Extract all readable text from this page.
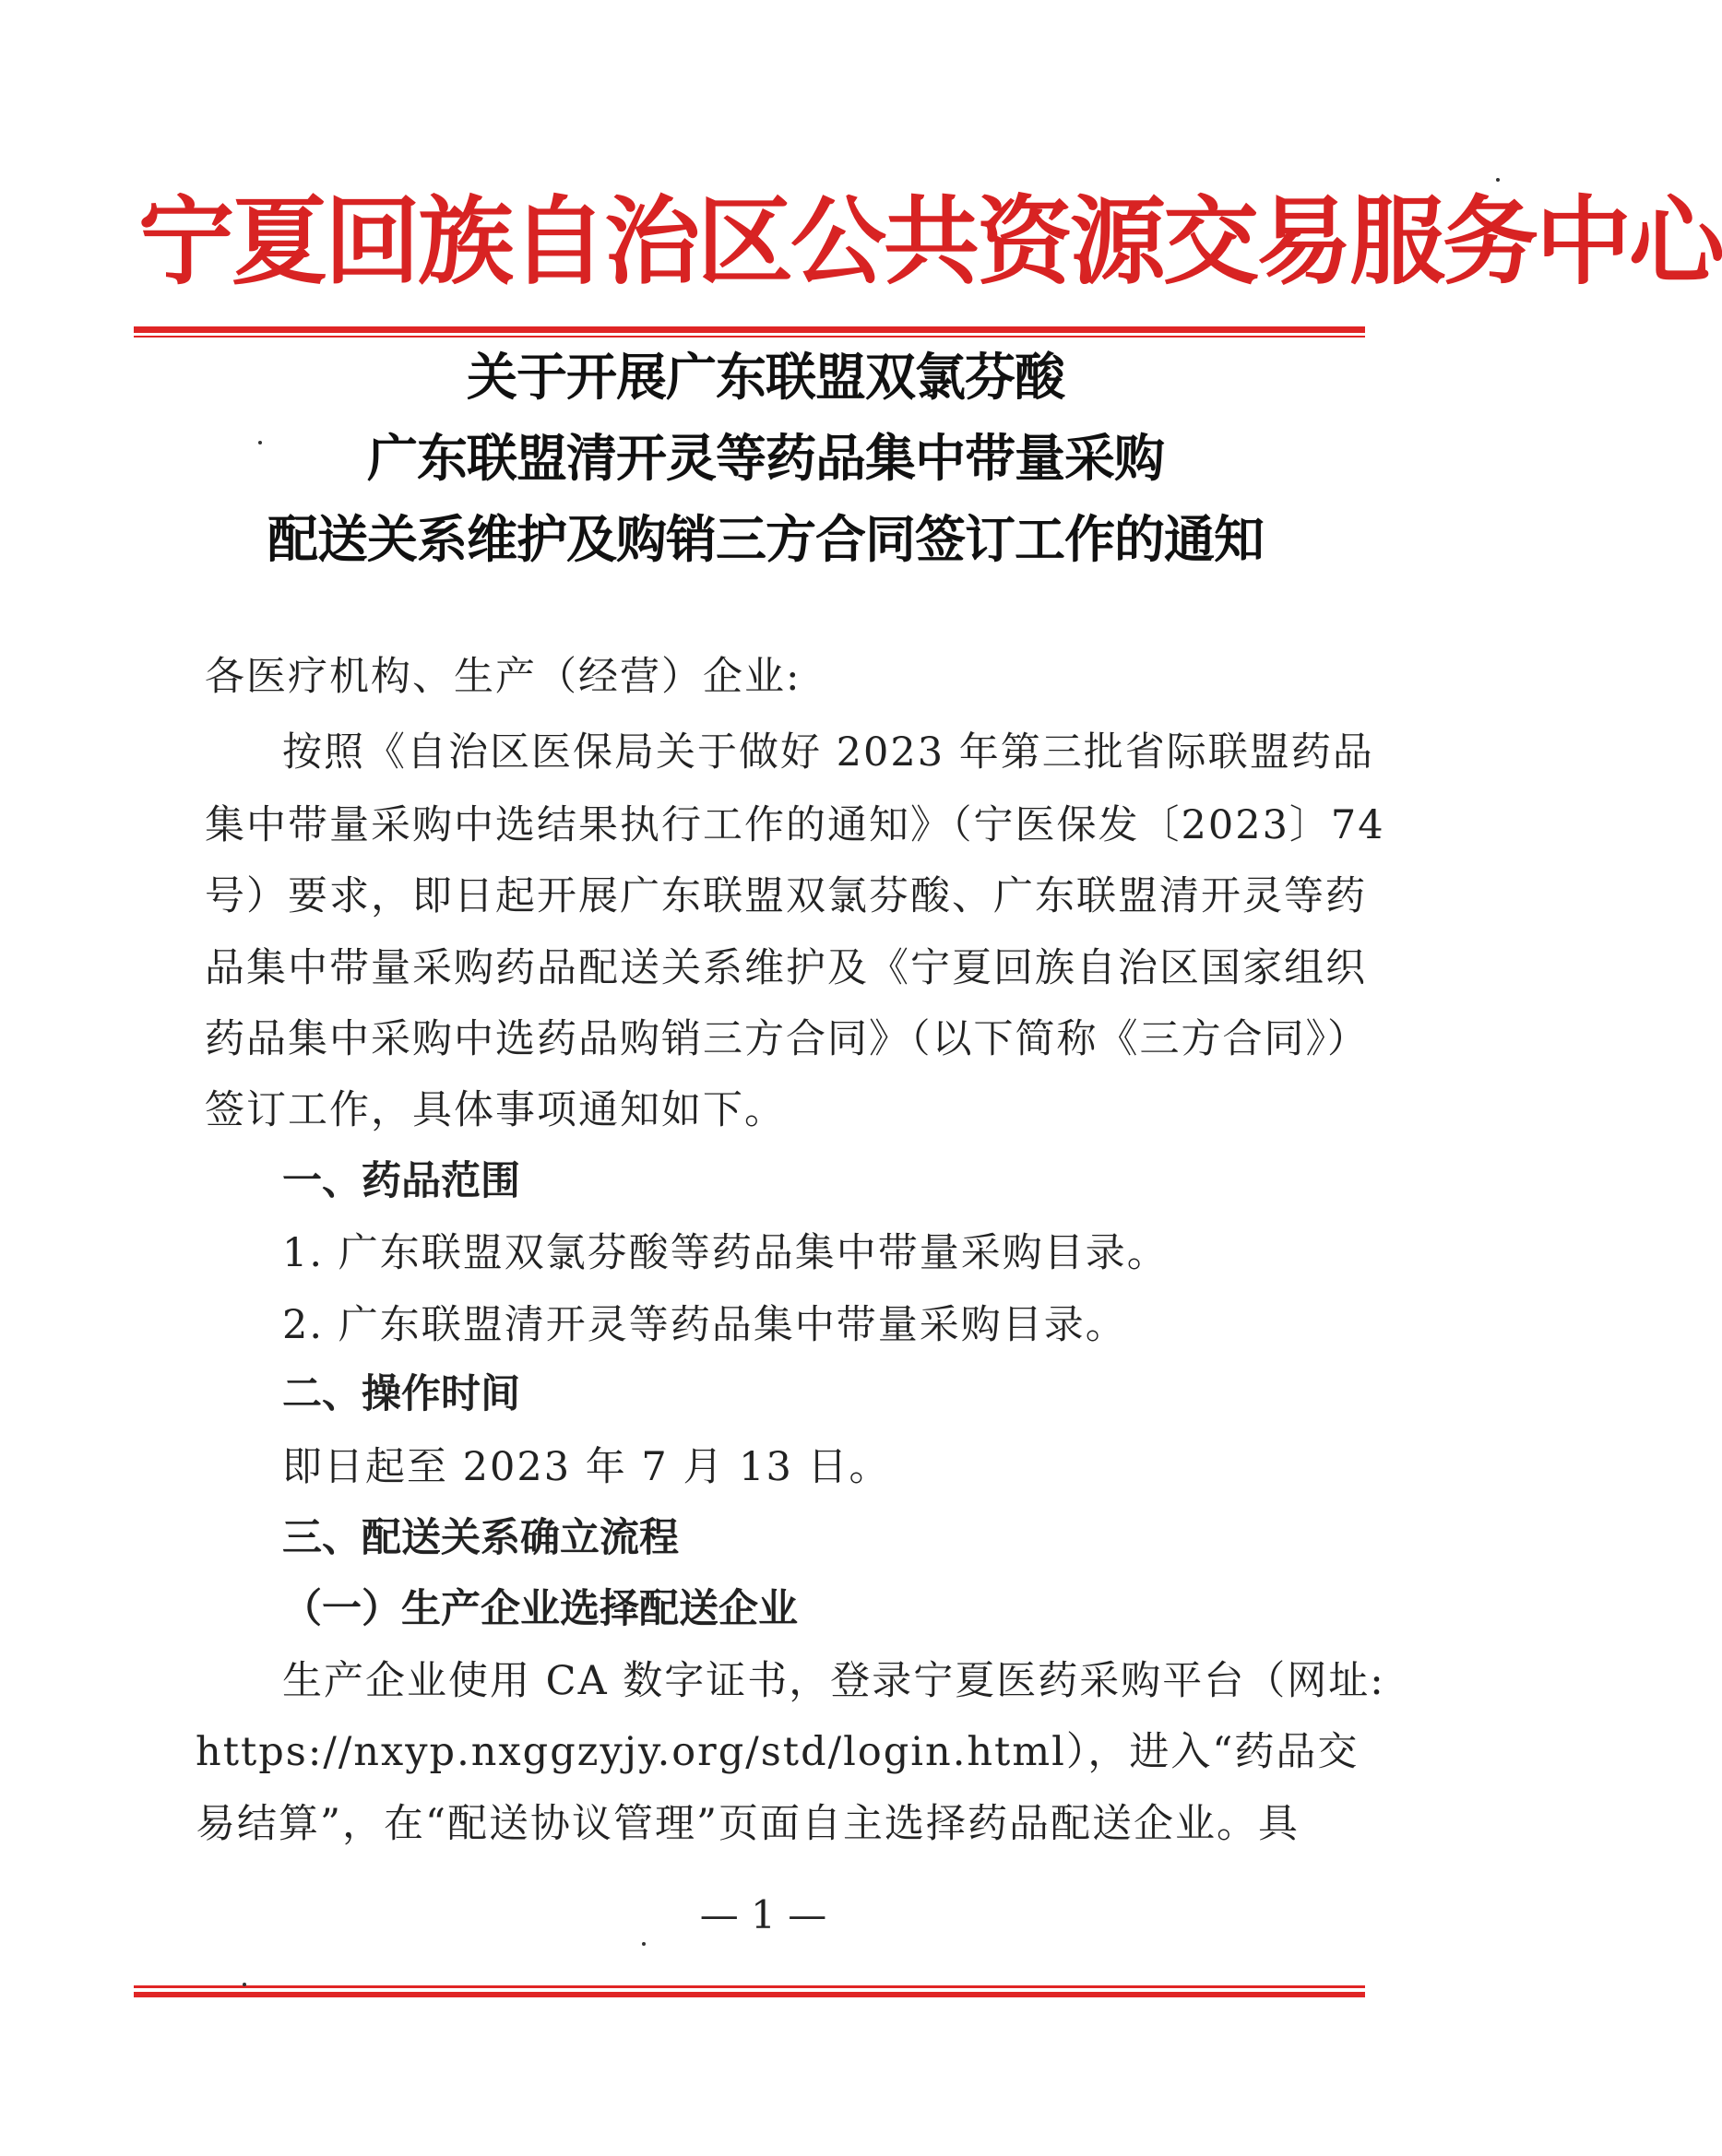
宁夏回族自治区公共资源交易服务中心
关于开展广东联盟双氯芬酸
广东联盟清开灵等药品集中带量采购
配送关系维护及购销三方合同签订工作的通知
各医疗机构、生产（经营）企业:
按照《自治区医保局关于做好 2023 年第三批省际联盟药品
集中带量采购中选结果执行工作的通知》（宁医保发〔2023〕74
号）要求，即日起开展广东联盟双氯芬酸、广东联盟清开灵等药
品集中带量采购药品配送关系维护及《宁夏回族自治区国家组织
药品集中采购中选药品购销三方合同》（以下简称《三方合同》）
签订工作，具体事项通知如下。
一、药品范围
1. 广东联盟双氯芬酸等药品集中带量采购目录。
2. 广东联盟清开灵等药品集中带量采购目录。
二、操作时间
即日起至 2023 年 7 月 13 日。
三、配送关系确立流程
（一）生产企业选择配送企业
生产企业使用 CA 数字证书，登录宁夏医药采购平台（网址:
https://nxyp.nxggzyjy.org/std/login.html），进入“药品交
易结算”，在“配送协议管理”页面自主选择药品配送企业。具
— 1 —
